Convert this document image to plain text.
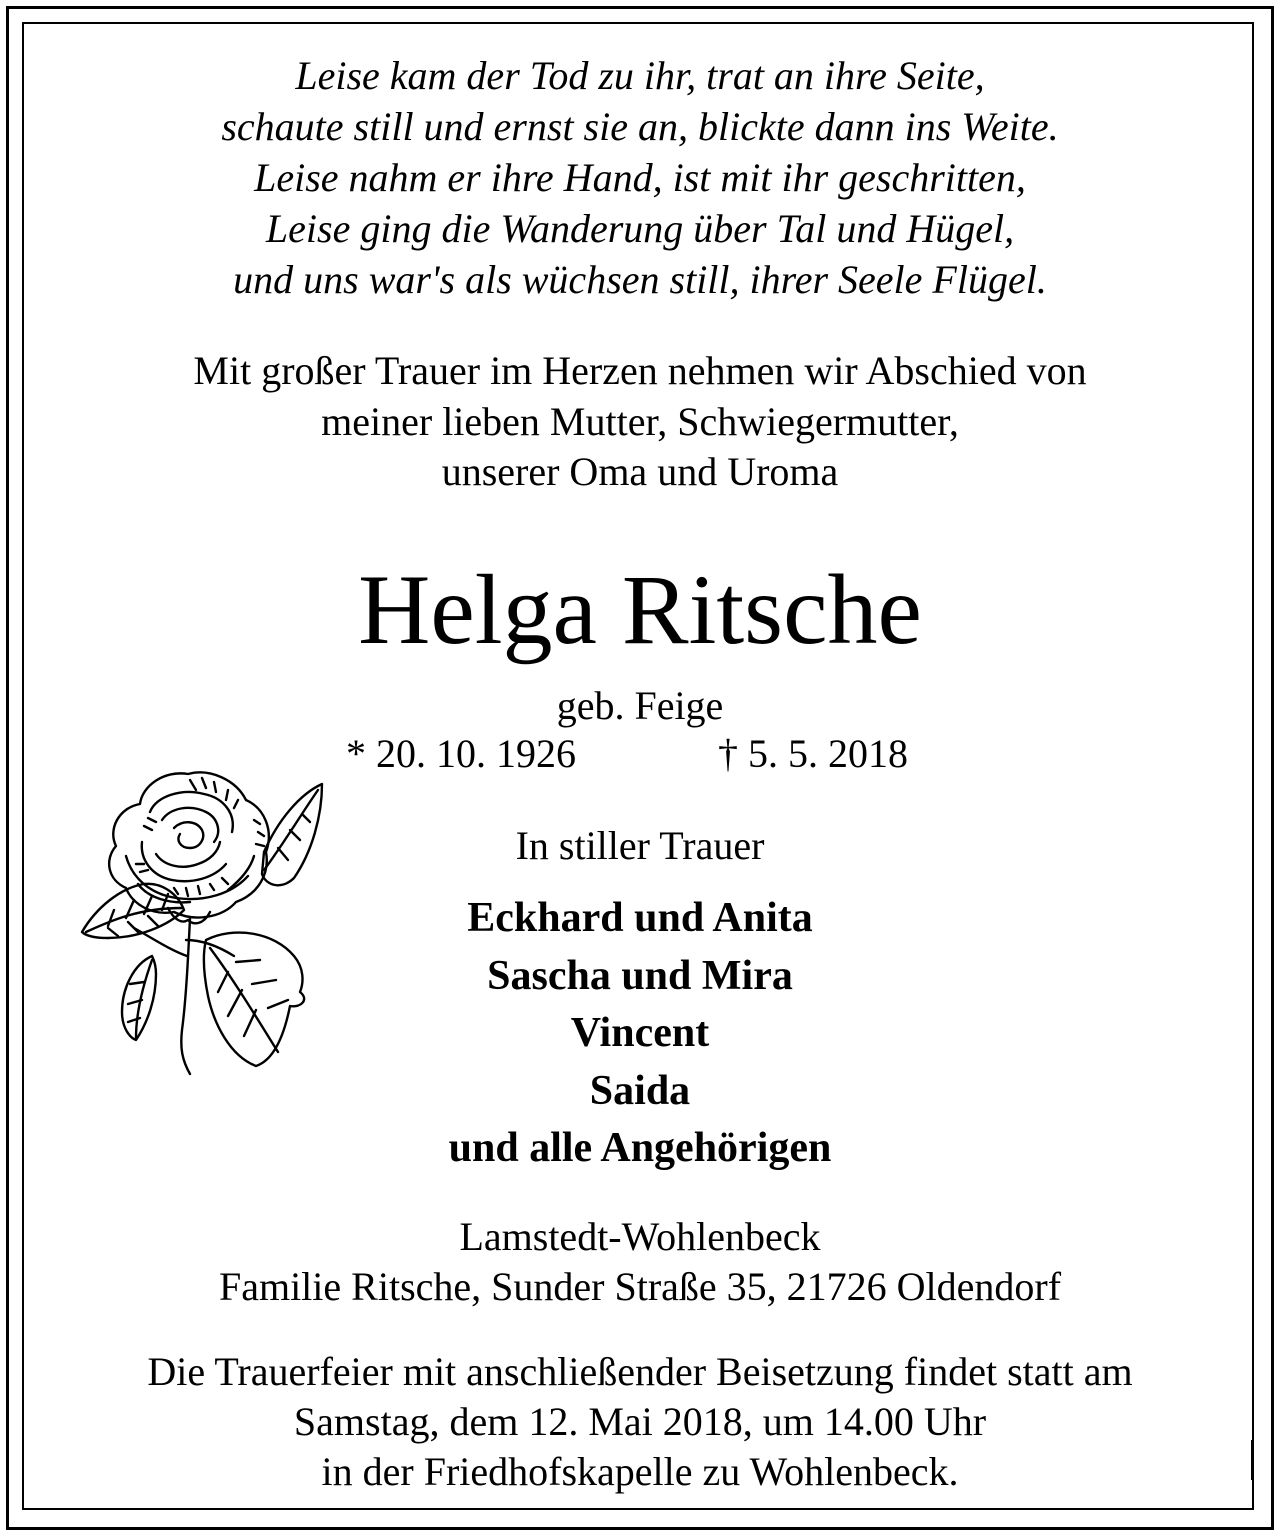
Leise kam der Tod zu ihr, trat an ihre Seite,
schaute still und ernst sie an, blickte dann ins Weite.
Leise nahm er ihre Hand, ist mit ihr geschritten,
Leise ging die Wanderung über Tal und Hügel,
und uns war's als wüchsen still, ihrer Seele Flügel.
Mit großer Trauer im Herzen nehmen wir Abschied von
meiner lieben Mutter, Schwiegermutter,
unserer Oma und Uroma
Helga Ritsche
geb. Feige
* 20. 10. 1926	† 5. 5. 2018
In stiller Trauer
Eckhard und Anita
Sascha und Mira
Vincent
Saida
und alle Angehörigen
Lamstedt-Wohlenbeck
Familie Ritsche, Sunder Straße 35, 21726 Oldendorf
Die Trauerfeier mit anschließender Beisetzung findet statt am
Samstag, dem 12. Mai 2018, um 14.00 Uhr
in der Friedhofskapelle zu Wohlenbeck.
